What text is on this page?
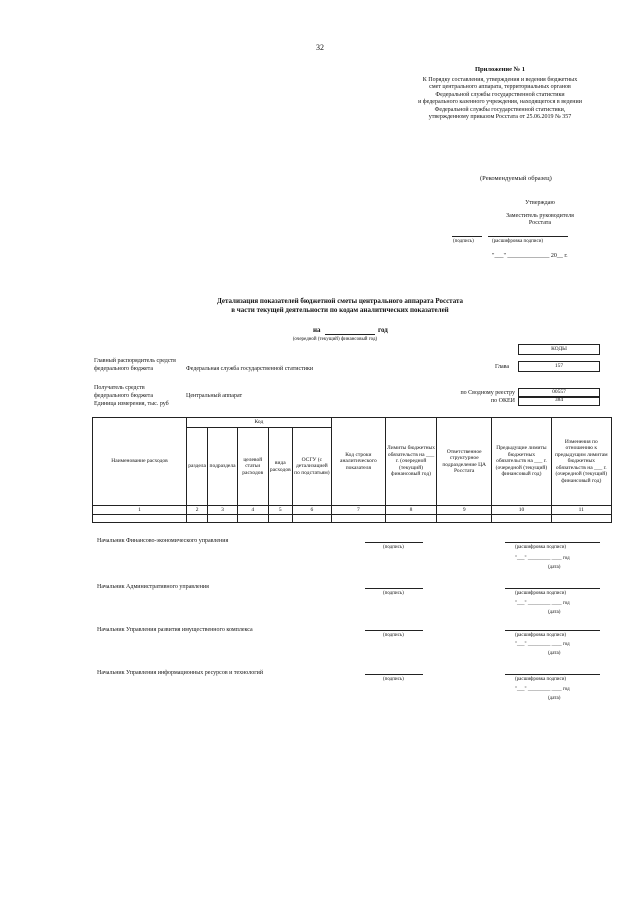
32
Приложение № 1
К Порядку составления, утверждения и ведения бюджетных
смет центрального аппарата, территориальных органов
Федеральной службы государственной статистики
и федерального казенного учреждения, находящегося в ведении
Федеральной службы государственной статистики,
утвержденному приказом Росстата от 25.06.2019 № 357
(Рекомендуемый образец)
Утверждаю
Заместитель руководителя
Росстата
(подпись)	(расшифровка подписи)
"___" ______________ 20__ г.
Детализация показателей бюджетной сметы центрального аппарата Росстата
в части текущей деятельности по кодам аналитических показателей
на	год
(очередной (текущий) финансовый год)
КОДЫ
157
00557
384
Главный распорядитель средств
федерального бюджета	Федеральная служба государственной статистики	Глава
Получатель средств
федерального бюджета	Центральный аппарат
Единица измерения, тыс. руб
по Сводному реестру
по ОКЕИ
Наименование расходов	Код					Код строки аналитического показателя	Лимиты бюджетных обязательств на ___ г. (очередной (текущий) финансовый год)	Ответственное структурное подразделение ЦА Росстата	Предыдущие лимиты бюджетных обязательств на ___ г. (очередной (текущий) финансовый год)	Изменения по отношению к предыдущим лимитам бюджетных обязательств на ___ г. (очередной (текущий) финансовый год)
	раздела	подраздела	целевой статьи расходов	вида расходов	ОСГУ (с детализацией по подстатьям)					
1	2	3	4	5	6	7	8	9	10	11

Начальник Финансово-экономического управления
(подпись)	(расшифровка подписи)
"___" _________ ____ год
(дата)
Начальник Административного управления
(подпись)	(расшифровка подписи)
"___" _________ ____ год
(дата)
Начальник Управления развития имущественного комплекса
(подпись)	(расшифровка подписи)
"___" _________ ____ год
(дата)
Начальник Управления информационных ресурсов и технологий
(подпись)	(расшифровка подписи)
"___" _________ ____ год
(дата)
